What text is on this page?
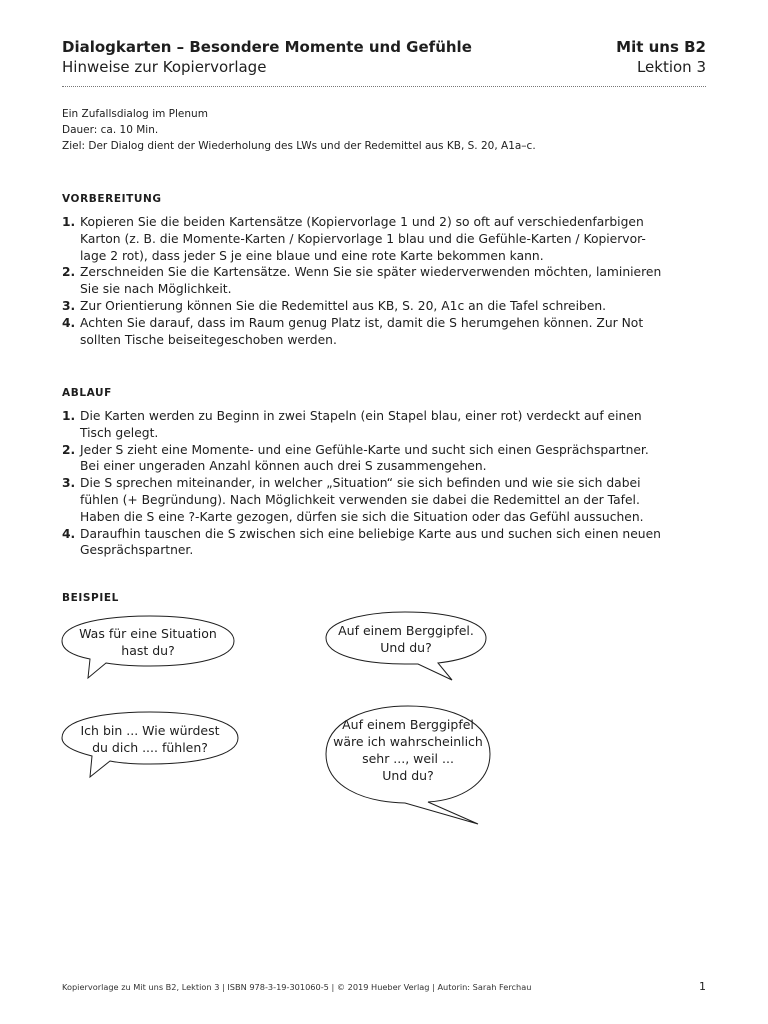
Dialogkarten – Besondere Momente und Gefühle
Hinweise zur Kopiervorlage
Mit uns B2
Lektion 3
Ein Zufallsdialog im Plenum
Dauer: ca. 10 Min.
Ziel: Der Dialog dient der Wiederholung des LWs und der Redemittel aus KB, S. 20, A1a–c.
VORBEREITUNG
1. Kopieren Sie die beiden Kartensätze (Kopiervorlage 1 und 2) so oft auf verschiedenfarbigen Karton (z. B. die Momente-Karten / Kopiervorlage 1 blau und die Gefühle-Karten / Kopiervor-lage 2 rot), dass jeder S je eine blaue und eine rote Karte bekommen kann.
2. Zerschneiden Sie die Kartensätze. Wenn Sie sie später wiederverwenden möchten, laminieren Sie sie nach Möglichkeit.
3. Zur Orientierung können Sie die Redemittel aus KB, S. 20, A1c an die Tafel schreiben.
4. Achten Sie darauf, dass im Raum genug Platz ist, damit die S herumgehen können. Zur Not sollten Tische beiseitegeschoben werden.
ABLAUF
1. Die Karten werden zu Beginn in zwei Stapeln (ein Stapel blau, einer rot) verdeckt auf einen Tisch gelegt.
2. Jeder S zieht eine Momente- und eine Gefühle-Karte und sucht sich einen Gesprächspartner. Bei einer ungeraden Anzahl können auch drei S zusammengehen.
3. Die S sprechen miteinander, in welcher „Situation“ sie sich befinden und wie sie sich dabei fühlen (+ Begründung). Nach Möglichkeit verwenden sie dabei die Redemittel an der Tafel. Haben die S eine ?-Karte gezogen, dürfen sie sich die Situation oder das Gefühl aussuchen.
4. Daraufhin tauschen die S zwischen sich eine beliebige Karte aus und suchen sich einen neuen Gesprächspartner.
BEISPIEL
Was für eine Situation
hast du?
Auf einem Berggipfel.
Und du?
Ich bin ... Wie würdest
du dich .... fühlen?
Auf einem Berggipfel
wäre ich wahrscheinlich
sehr ..., weil ...
Und du?
Kopiervorlage zu Mit uns B2, Lektion 3 | ISBN 978-3-19-301060-5 | © 2019 Hueber Verlag | Autorin: Sarah Ferchau	1
